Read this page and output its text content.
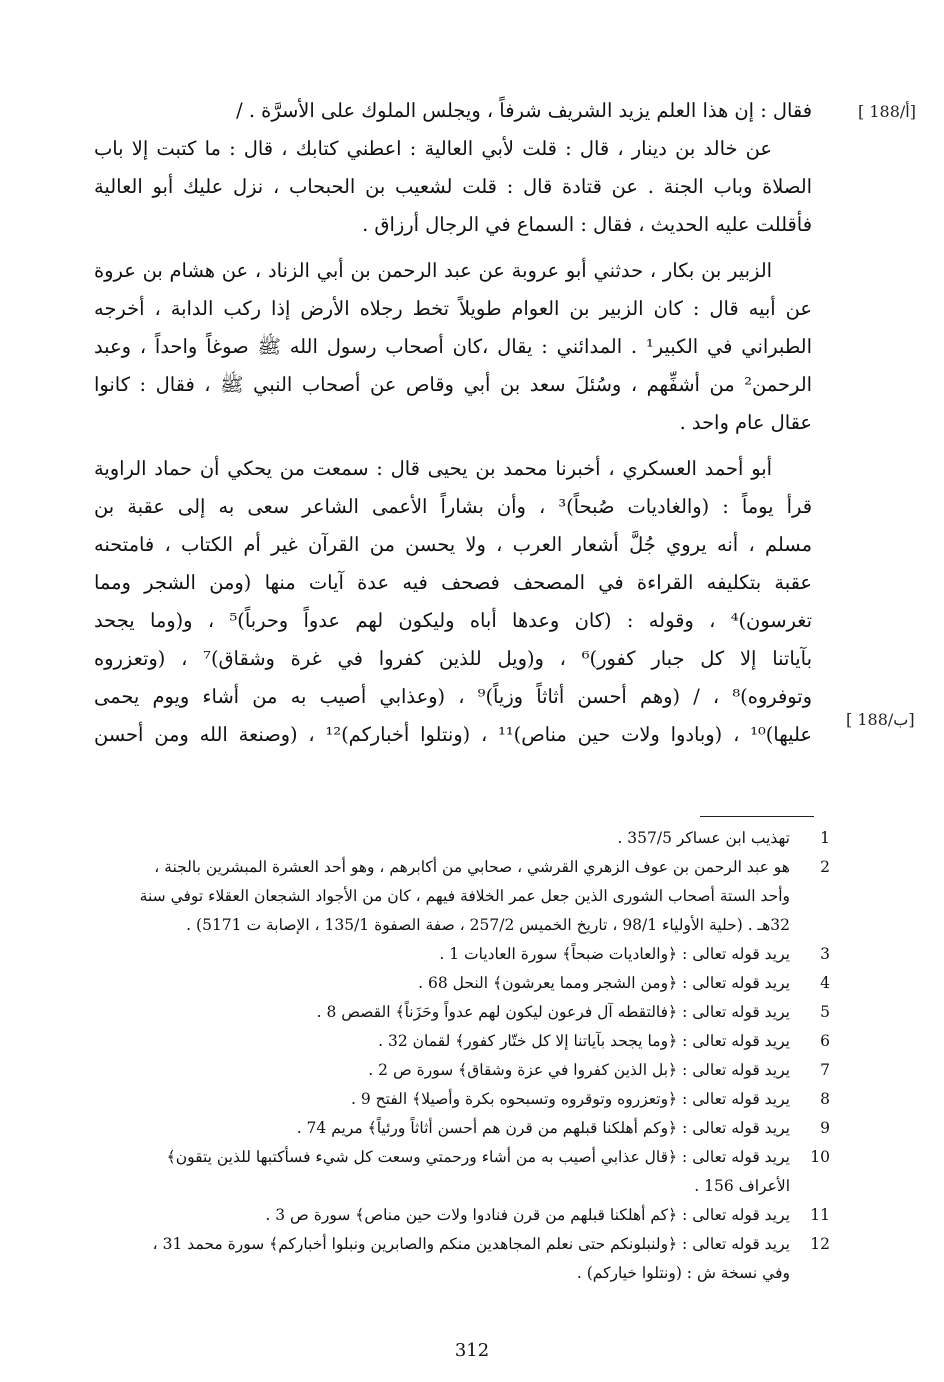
[ 188/أ]
[ 188/ب]
فقال : إن هذا العلم يزيد الشريف شرفاً ، ويجلس الملوك على الأسرَّة . /
عن خالد بن دينار ، قال : قلت لأبي العالية : اعطني كتابك ، قال : ما كتبت إلا باب
الصلاة وباب الجنة . عن قتادة قال : قلت لشعيب بن الحبحاب ، نزل عليك أبو العالية
فأقللت عليه الحديث ، فقال : السماع في الرجال أرزاق .
الزبير بن بكار ، حدثني أبو عروبة عن عبد الرحمن بن أبي الزناد ، عن هشام بن عروة
عن أبيه قال : كان الزبير بن العوام طويلاً تخط رجلاه الأرض إذا ركب الدابة ، أخرجه
الطبراني في الكبير¹ . المدائني : يقال ،كان أصحاب رسول الله ﷺ صوغاً واحداً ، وعبد
الرحمن² من أشفِّهم ، وسُئلَ سعد بن أبي وقاص عن أصحاب النبي ﷺ ، فقال : كانوا
عقال عام واحد .
أبو أحمد العسكري ، أخبرنا محمد بن يحيى قال : سمعت من يحكي أن حماد الراوية
قرأ يوماً : (والغاديات صُبحاً)³ ، وأن بشاراً الأعمى الشاعر سعى به إلى عقبة بن
مسلم ، أنه يروي جُلَّ أشعار العرب ، ولا يحسن من القرآن غير أم الكتاب ، فامتحنه
عقبة بتكليفه القراءة في المصحف فصحف فيه عدة آيات منها (ومن الشجر ومما
تغرسون)⁴ ، وقوله : (كان وعدها أباه وليكون لهم عدواً وحرباً)⁵ ، و(وما يجحد
بآياتنا إلا كل جبار كفور)⁶ ، و(ويل للذين كفروا في غرة وشقاق)⁷ ، (وتعزروه
وتوفروه)⁸ ، / (وهم أحسن أثاثاً وزياً)⁹ ، (وعذابي أصيب به من أشاء ويوم يحمى
عليها)¹⁰ ، (وبادوا ولات حين مناص)¹¹ ، (ونتلوا أخباركم)¹² ، (وصنعة الله ومن أحسن
1
تهذيب ابن عساكر 357/5 .
2
هو عبد الرحمن بن عوف الزهري القرشي ، صحابي من أكابرهم ، وهو أحد العشرة المبشرين بالجنة ،
وأحد الستة أصحاب الشورى الذين جعل عمر الخلافة فيهم ، كان من الأجواد الشجعان العقلاء توفي سنة
32هـ . (حلية الأولياء 98/1 ، تاريخ الخميس 257/2 ، صفة الصفوة 135/1 ، الإصابة ت 5171) .
3
يريد قوله تعالى : ﴿والعاديات ضبحاً﴾ سورة العاديات 1 .
4
يريد قوله تعالى : ﴿ومن الشجر ومما يعرشون﴾ النحل 68 .
5
يريد قوله تعالى : ﴿فالتقطه آل فرعون ليكون لهم عدواً وحَزَناً﴾ القصص 8 .
6
يريد قوله تعالى : ﴿وما يجحد بآياتنا إلا كل ختّار كفور﴾ لقمان 32 .
7
يريد قوله تعالى : ﴿بل الذين كفروا في عزة وشقاق﴾ سورة ص 2 .
8
يريد قوله تعالى : ﴿وتعزروه وتوقروه وتسبحوه بكرة وأصيلا﴾ الفتح 9 .
9
يريد قوله تعالى : ﴿وكم أهلكنا قبلهم من قرن هم أحسن أثاثاً ورئياً﴾ مريم 74 .
10
يريد قوله تعالى : ﴿قال عذابي أصيب به من أشاء ورحمتي وسعت كل شيء فسأكتبها للذين يتقون﴾
الأعراف 156 .
11
يريد قوله تعالى : ﴿كم أهلكنا قبلهم من قرن فنادوا ولات حين مناص﴾ سورة ص 3 .
12
يريد قوله تعالى : ﴿ولنبلونكم حتى نعلم المجاهدين منكم والصابرين ونبلوا أخباركم﴾ سورة محمد 31 ،
وفي نسخة ش : (ونتلوا خياركم) .
312
